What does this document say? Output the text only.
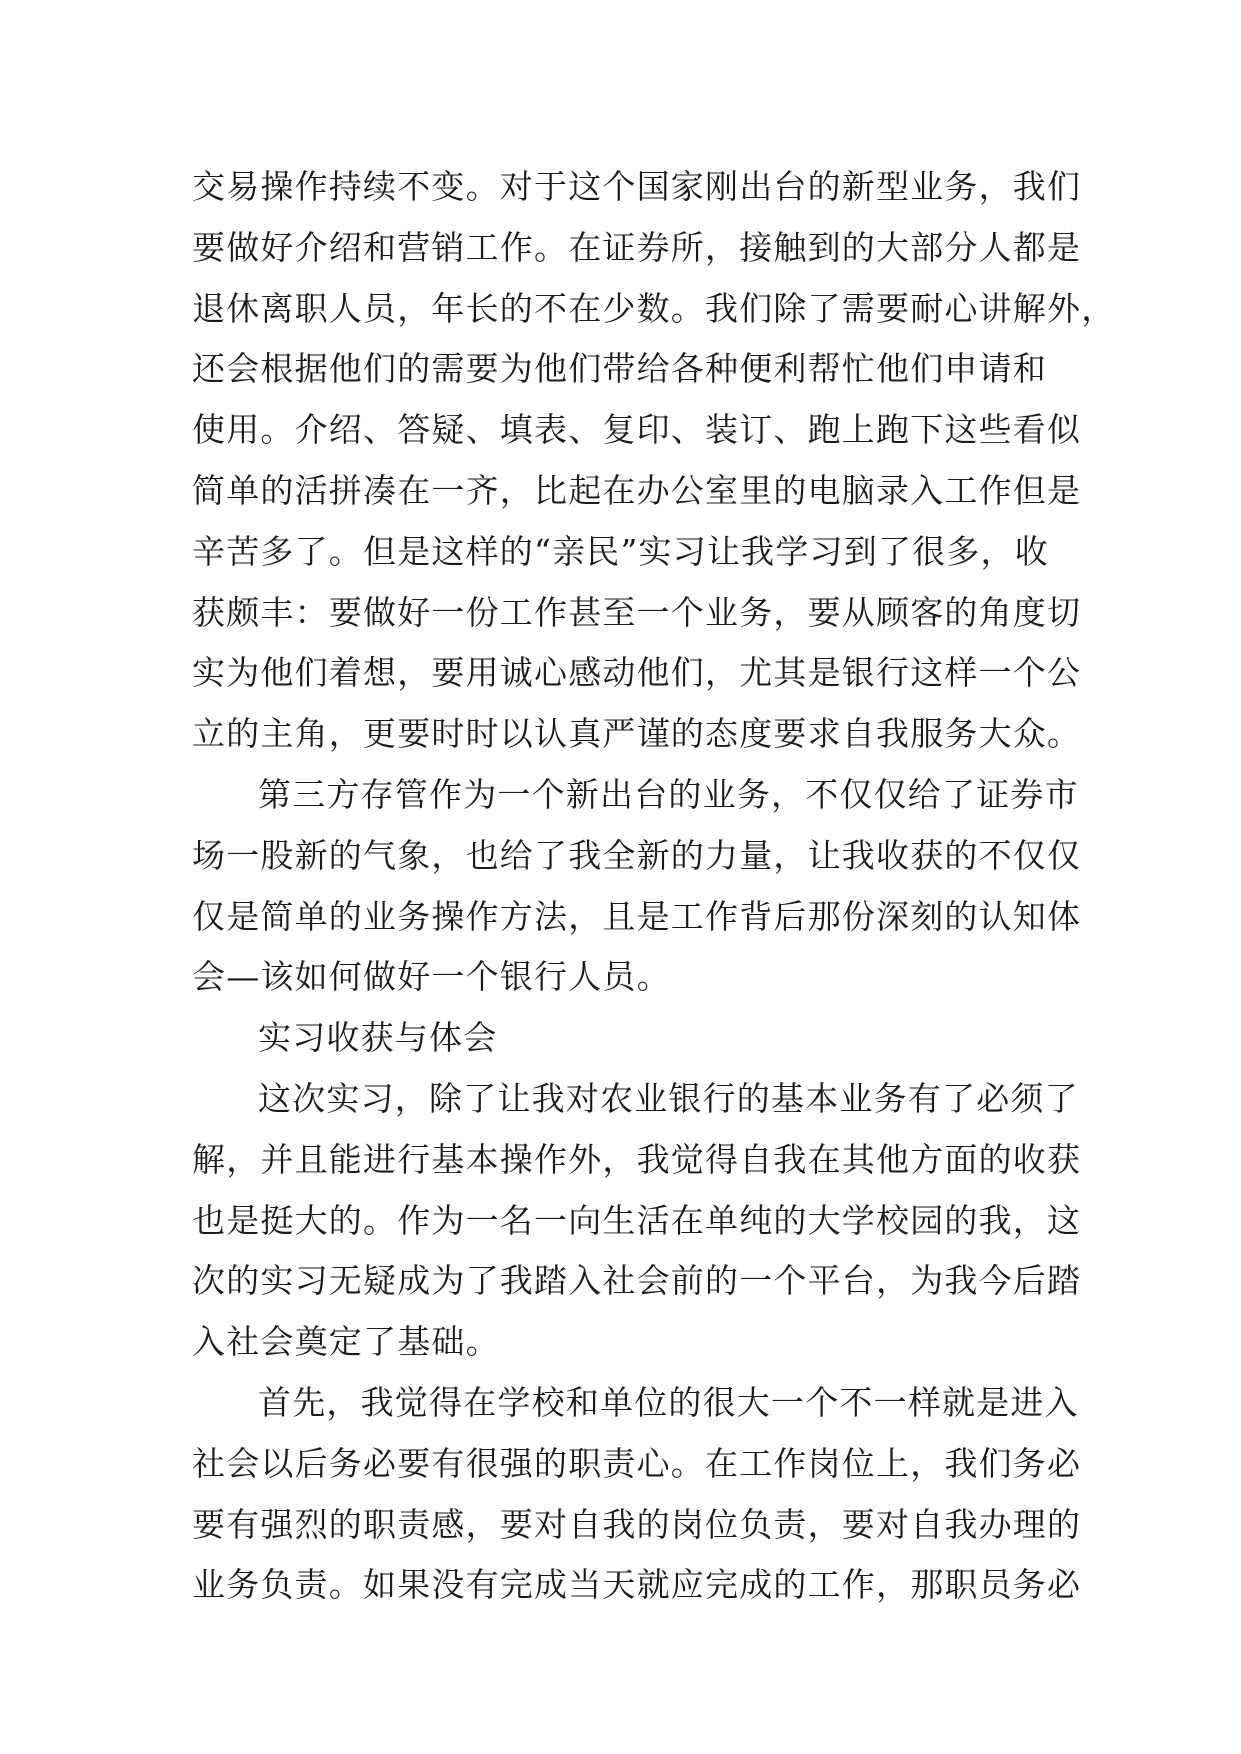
交易操作持续不变。对于这个国家刚出台的新型业务，我们
要做好介绍和营销工作。在证券所，接触到的大部分人都是
退休离职人员，年长的不在少数。我们除了需要耐心讲解外，
还会根据他们的需要为他们带给各种便利帮忙他们申请和
使用。介绍、答疑、填表、复印、装订、跑上跑下这些看似
简单的活拼凑在一齐，比起在办公室里的电脑录入工作但是
辛苦多了。但是这样的“亲民”实习让我学习到了很多，收
获颇丰：要做好一份工作甚至一个业务，要从顾客的角度切
实为他们着想，要用诚心感动他们，尤其是银行这样一个公
立的主角，更要时时以认真严谨的态度要求自我服务大众。
第三方存管作为一个新出台的业务，不仅仅给了证券市
场一股新的气象，也给了我全新的力量，让我收获的不仅仅
仅是简单的业务操作方法，且是工作背后那份深刻的认知体
会—该如何做好一个银行人员。
实习收获与体会
这次实习，除了让我对农业银行的基本业务有了必须了
解，并且能进行基本操作外，我觉得自我在其他方面的收获
也是挺大的。作为一名一向生活在单纯的大学校园的我，这
次的实习无疑成为了我踏入社会前的一个平台，为我今后踏
入社会奠定了基础。
首先，我觉得在学校和单位的很大一个不一样就是进入
社会以后务必要有很强的职责心。在工作岗位上，我们务必
要有强烈的职责感，要对自我的岗位负责，要对自我办理的
业务负责。如果没有完成当天就应完成的工作，那职员务必
